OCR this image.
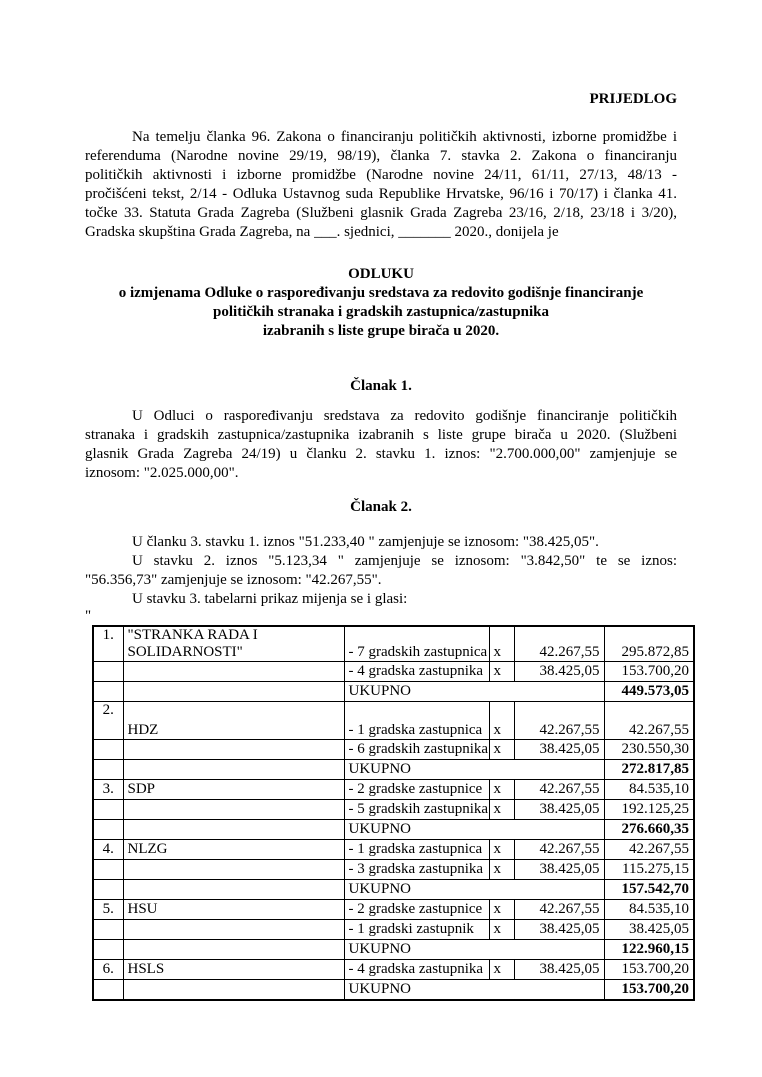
PRIJEDLOG
Na temelju članka 96. Zakona o financiranju političkih aktivnosti, izborne promidžbe i
referenduma (Narodne novine 29/19, 98/19), članka 7. stavka 2. Zakona o financiranju
političkih aktivnosti i izborne promidžbe (Narodne novine 24/11, 61/11, 27/13, 48/13 -
pročišćeni tekst, 2/14 - Odluka Ustavnog suda Republike Hrvatske, 96/16 i 70/17) i članka 41.
točke 33. Statuta Grada Zagreba (Službeni glasnik Grada Zagreba 23/16, 2/18, 23/18 i 3/20),
Gradska skupština Grada Zagreba, na ___. sjednici, _______ 2020., donijela je
ODLUKU
o izmjenama Odluke o raspoređivanju sredstava za redovito godišnje financiranje
političkih stranaka i gradskih zastupnica/zastupnika
izabranih s liste grupe birača u 2020.
Članak 1.
U Odluci o raspoređivanju sredstava za redovito godišnje financiranje političkih
stranaka i gradskih zastupnica/zastupnika izabranih s liste grupe birača u 2020. (Službeni
glasnik Grada Zagreba 24/19) u članku 2. stavku 1. iznos: "2.700.000,00" zamjenjuje se
iznosom: "2.025.000,00".
Članak 2.
U članku 3. stavku 1. iznos "51.233,40 " zamjenjuje se iznosom: "38.425,05".
U stavku 2. iznos "5.123,34 " zamjenjuje se iznosom: "3.842,50" te se iznos:
"56.356,73" zamjenjuje se iznosom: "42.267,55".
U stavku 3. tabelarni prikaz mijenja se i glasi:
"
1.	"STRANKA RADA I
SOLIDARNOSTI"	- 7 gradskih zastupnica	x	42.267,55	295.872,85
		- 4 gradska zastupnika	x	38.425,05	153.700,20
		UKUPNO			449.573,05
2.	HDZ	- 1 gradska zastupnica	x	42.267,55	42.267,55
		- 6 gradskih zastupnika	x	38.425,05	230.550,30
		UKUPNO			272.817,85
3.	SDP	- 2 gradske zastupnice	x	42.267,55	84.535,10
		- 5 gradskih zastupnika	x	38.425,05	192.125,25
		UKUPNO			276.660,35
4.	NLZG	- 1 gradska zastupnica	x	42.267,55	42.267,55
		- 3 gradska zastupnika	x	38.425,05	115.275,15
		UKUPNO			157.542,70
5.	HSU	- 2 gradske zastupnice	x	42.267,55	84.535,10
		- 1 gradski zastupnik	x	38.425,05	38.425,05
		UKUPNO			122.960,15
6.	HSLS	- 4 gradska zastupnika	x	38.425,05	153.700,20
		UKUPNO			153.700,20
